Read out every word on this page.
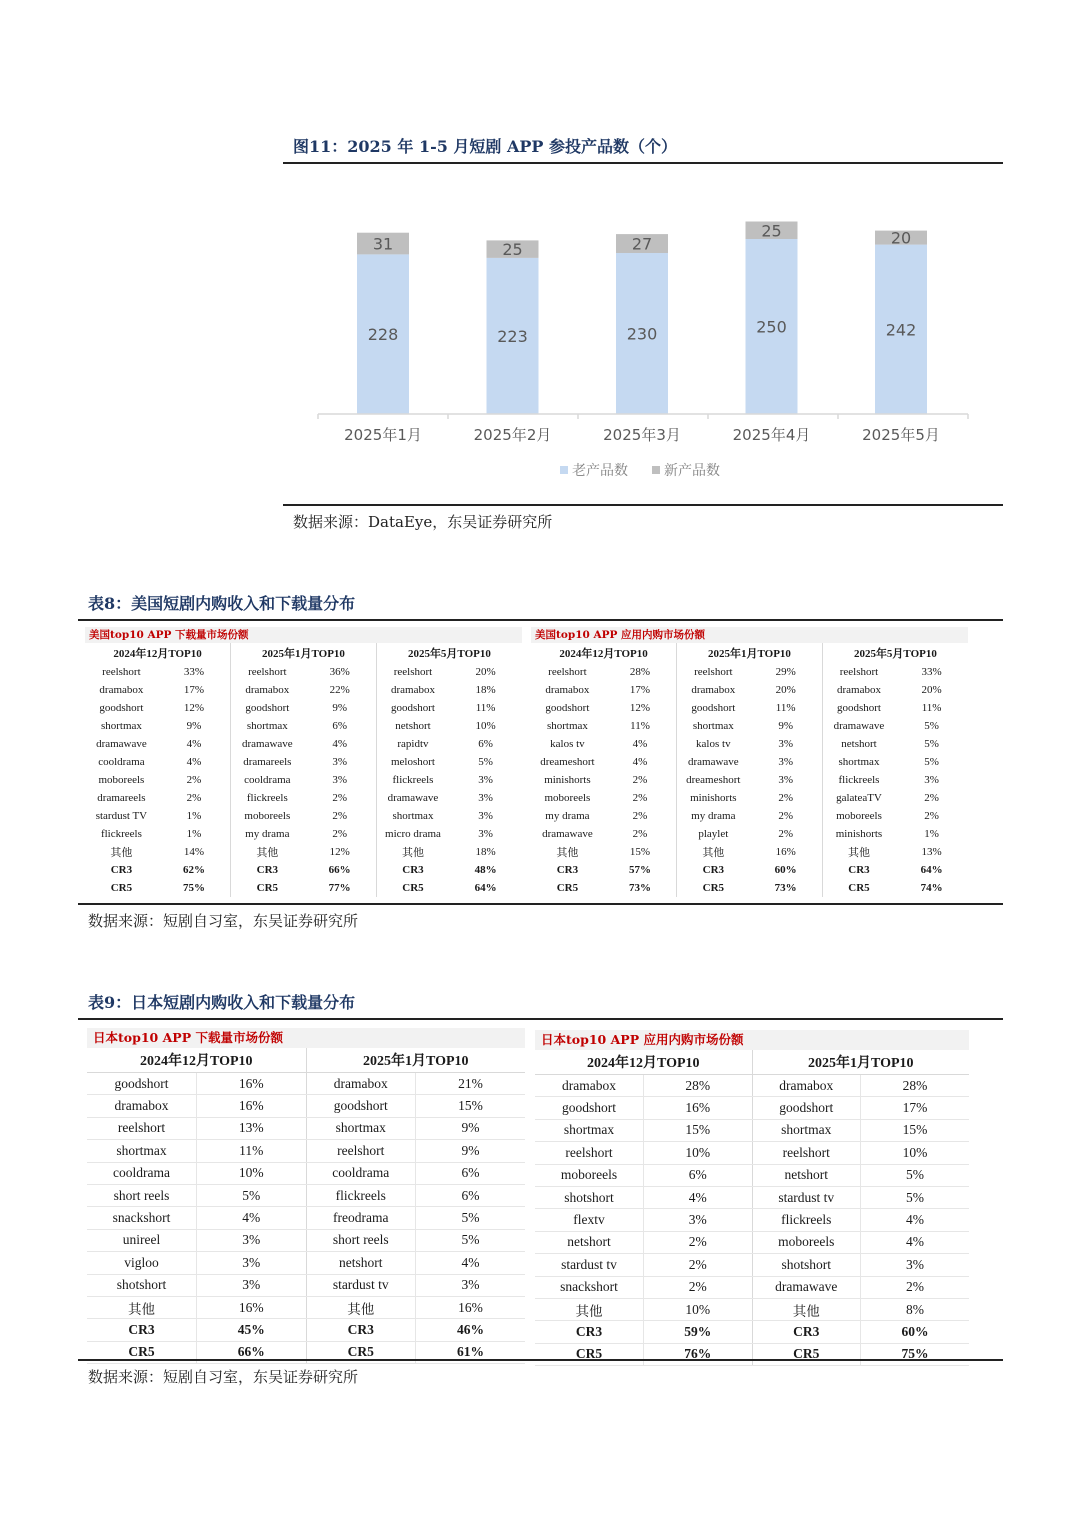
图11：2025 年 1-5 月短剧 APP 参投产品数（个）
228
31
223
25
230
27
250
25
242
20
2025年1月	2025年2月	2025年3月	2025年4月	2025年5月
老产品数	新产品数
数据来源：DataEye，东吴证券研究所
表8：美国短剧内购收入和下载量分布
美国top10 APP 下载量市场份额
2024年12月TOP10		2025年1月TOP10		2025年5月TOP10	
reelshort	33%	reelshort	36%	reelshort	20%
dramabox	17%	dramabox	22%	dramabox	18%
goodshort	12%	goodshort	9%	goodshort	11%
shortmax	9%	shortmax	6%	netshort	10%
dramawave	4%	dramawave	4%	rapidtv	6%
cooldrama	4%	dramareels	3%	meloshort	5%
moboreels	2%	cooldrama	3%	flickreels	3%
dramareels	2%	flickreels	2%	dramawave	3%
stardust TV	1%	moboreels	2%	shortmax	3%
flickreels	1%	my drama	2%	micro drama	3%
其他	14%	其他	12%	其他	18%
CR3	62%	CR3	66%	CR3	48%
CR5	75%	CR5	77%	CR5	64%
美国top10 APP 应用内购市场份额
2024年12月TOP10		2025年1月TOP10		2025年5月TOP10	
reelshort	28%	reelshort	29%	reelshort	33%
dramabox	17%	dramabox	20%	dramabox	20%
goodshort	12%	goodshort	11%	goodshort	11%
shortmax	11%	shortmax	9%	dramawave	5%
kalos tv	4%	kalos tv	3%	netshort	5%
dreameshort	4%	dramawave	3%	shortmax	5%
minishorts	2%	dreameshort	3%	flickreels	3%
moboreels	2%	minishorts	2%	galateaTV	2%
my drama	2%	my drama	2%	moboreels	2%
dramawave	2%	playlet	2%	minishorts	1%
其他	15%	其他	16%	其他	13%
CR3	57%	CR3	60%	CR3	64%
CR5	73%	CR5	73%	CR5	74%
数据来源：短剧自习室，东吴证券研究所
表9：日本短剧内购收入和下载量分布
日本top10 APP 下载量市场份额
2024年12月TOP10		2025年1月TOP10	
goodshort	16%	dramabox	21%
dramabox	16%	goodshort	15%
reelshort	13%	shortmax	9%
shortmax	11%	reelshort	9%
cooldrama	10%	cooldrama	6%
short reels	5%	flickreels	6%
snackshort	4%	freodrama	5%
unireel	3%	short reels	5%
vigloo	3%	netshort	4%
shotshort	3%	stardust tv	3%
其他	16%	其他	16%
CR3	45%	CR3	46%
CR5	66%	CR5	61%
日本top10 APP 应用内购市场份额
2024年12月TOP10		2025年1月TOP10	
dramabox	28%	dramabox	28%
goodshort	16%	goodshort	17%
shortmax	15%	shortmax	15%
reelshort	10%	reelshort	10%
moboreels	6%	netshort	5%
shotshort	4%	stardust tv	5%
flextv	3%	flickreels	4%
netshort	2%	moboreels	4%
stardust tv	2%	shotshort	3%
snackshort	2%	dramawave	2%
其他	10%	其他	8%
CR3	59%	CR3	60%
CR5	76%	CR5	75%
数据来源：短剧自习室，东吴证券研究所
